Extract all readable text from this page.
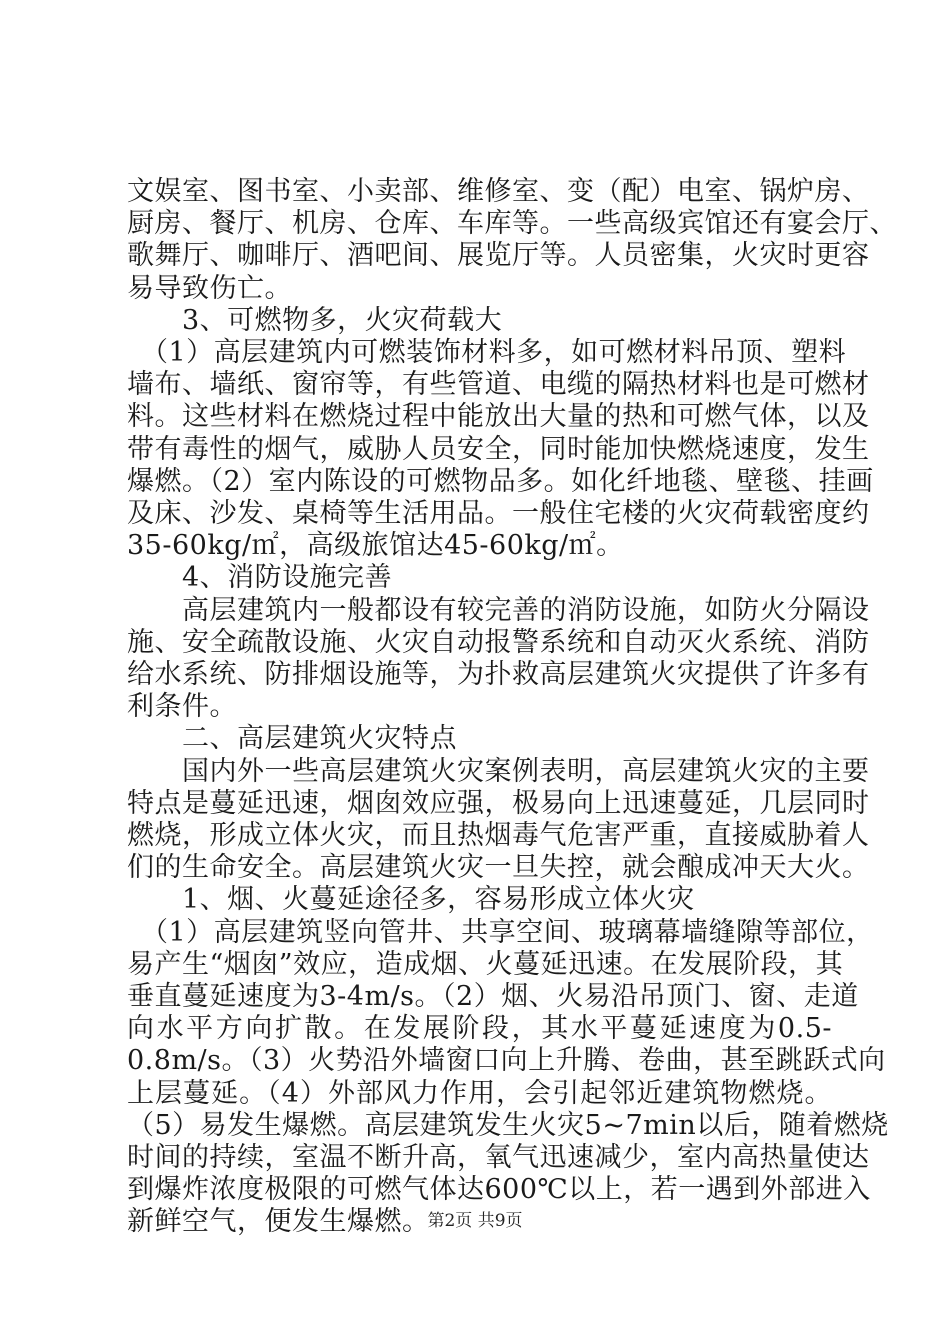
文娱室、图书室、小卖部、维修室、变（配）电室、锅炉房、
厨房、餐厅、机房、仓库、车库等。一些高级宾馆还有宴会厅、
歌舞厅、咖啡厅、酒吧间、展览厅等。人员密集，火灾时更容
易导致伤亡。
　　3、可燃物多，火灾荷载大
　（1）高层建筑内可燃装饰材料多，如可燃材料吊顶、塑料
墙布、墙纸、窗帘等，有些管道、电缆的隔热材料也是可燃材
料。这些材料在燃烧过程中能放出大量的热和可燃气体，以及
带有毒性的烟气，威胁人员安全，同时能加快燃烧速度，发生
爆燃。（2）室内陈设的可燃物品多。如化纤地毯、壁毯、挂画
及床、沙发、桌椅等生活用品。一般住宅楼的火灾荷载密度约
35-60kg/㎡，高级旅馆达45-60kg/㎡。
　　4、消防设施完善
　　高层建筑内一般都设有较完善的消防设施，如防火分隔设
施、安全疏散设施、火灾自动报警系统和自动灭火系统、消防
给水系统、防排烟设施等，为扑救高层建筑火灾提供了许多有
利条件。
　　二、高层建筑火灾特点
　　国内外一些高层建筑火灾案例表明，高层建筑火灾的主要
特点是蔓延迅速，烟囱效应强，极易向上迅速蔓延，几层同时
燃烧，形成立体火灾，而且热烟毒气危害严重，直接威胁着人
们的生命安全。高层建筑火灾一旦失控，就会酿成冲天大火。
　　1、烟、火蔓延途径多，容易形成立体火灾
　（1）高层建筑竖向管井、共享空间、玻璃幕墙缝隙等部位，
易产生“烟囱”效应，造成烟、火蔓延迅速。在发展阶段，其
垂直蔓延速度为3-4m/s。（2）烟、火易沿吊顶门、窗、走道
向水平方向扩散。在发展阶段，其水平蔓延速度为0.5-
0.8m/s。（3）火势沿外墙窗口向上升腾、卷曲，甚至跳跃式向
上层蔓延。（4）外部风力作用，会引起邻近建筑物燃烧。
（5）易发生爆燃。高层建筑发生火灾5~7min以后，随着燃烧
时间的持续，室温不断升高，氧气迅速减少，室内高热量使达
到爆炸浓度极限的可燃气体达600℃以上，若一遇到外部进入
新鲜空气，便发生爆燃。
第2页 共9页
